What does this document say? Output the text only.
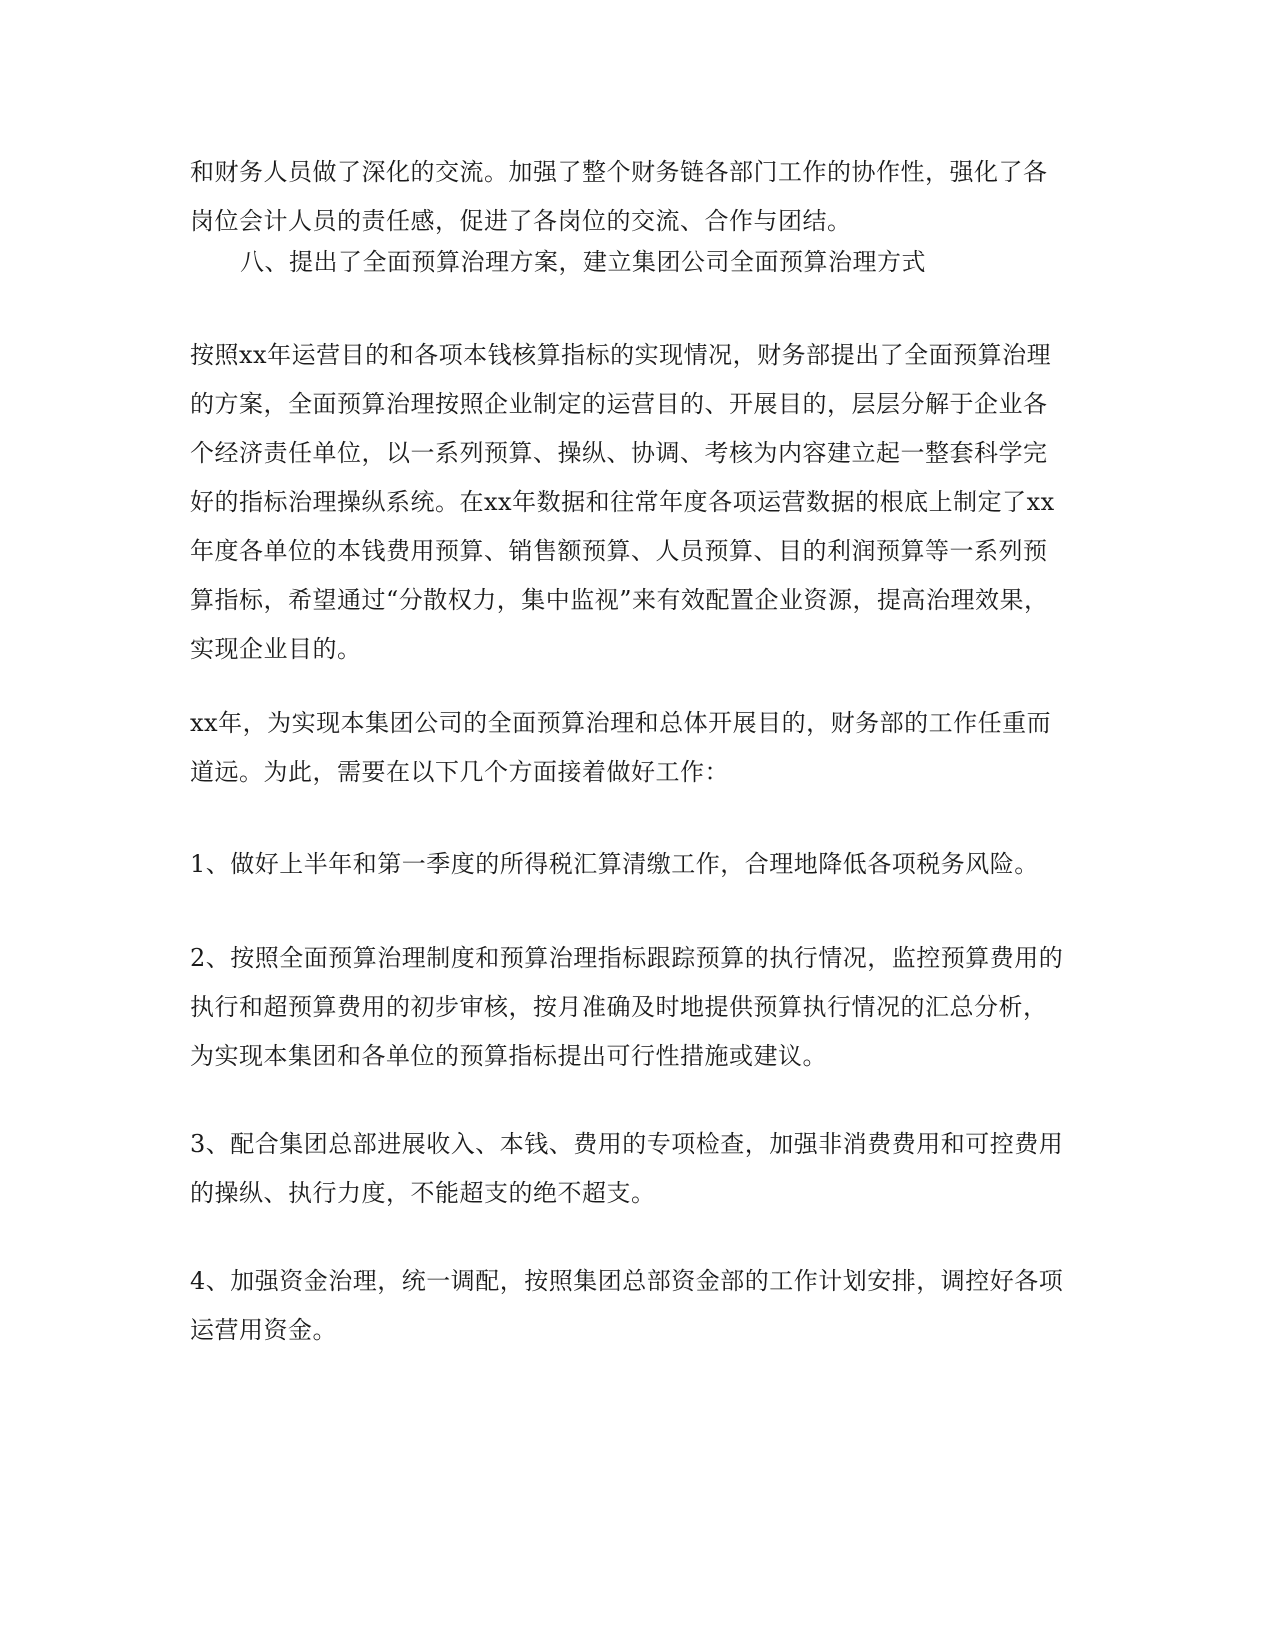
和财务人员做了深化的交流。加强了整个财务链各部门工作的协作性，强化了各
岗位会计人员的责任感，促进了各岗位的交流、合作与团结。

八、提出了全面预算治理方案，建立集团公司全面预算治理方式

按照xx年运营目的和各项本钱核算指标的实现情况，财务部提出了全面预算治理
的方案，全面预算治理按照企业制定的运营目的、开展目的，层层分解于企业各
个经济责任单位，以一系列预算、操纵、协调、考核为内容建立起一整套科学完
好的指标治理操纵系统。在xx年数据和往常年度各项运营数据的根底上制定了xx
年度各单位的本钱费用预算、销售额预算、人员预算、目的利润预算等一系列预
算指标，希望通过“分散权力，集中监视”来有效配置企业资源，提高治理效果，
实现企业目的。

xx年，为实现本集团公司的全面预算治理和总体开展目的，财务部的工作任重而
道远。为此，需要在以下几个方面接着做好工作：

1、做好上半年和第一季度的所得税汇算清缴工作，合理地降低各项税务风险。

2、按照全面预算治理制度和预算治理指标跟踪预算的执行情况，监控预算费用的
执行和超预算费用的初步审核，按月准确及时地提供预算执行情况的汇总分析，
为实现本集团和各单位的预算指标提出可行性措施或建议。

3、配合集团总部进展收入、本钱、费用的专项检查，加强非消费费用和可控费用
的操纵、执行力度，不能超支的绝不超支。

4、加强资金治理，统一调配，按照集团总部资金部的工作计划安排，调控好各项
运营用资金。
